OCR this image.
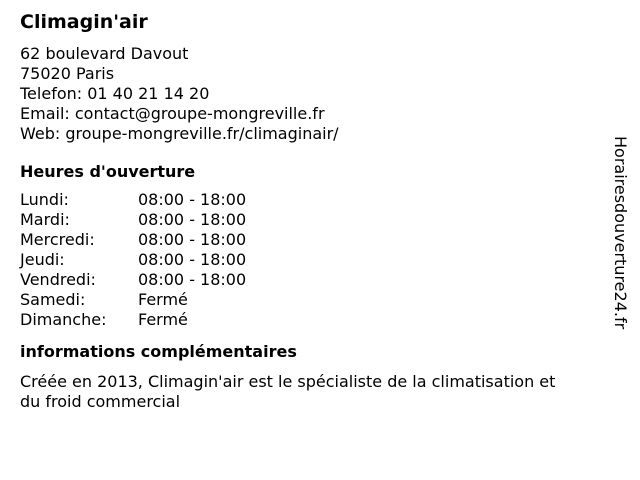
Climagin'air
62 boulevard Davout
75020 Paris
Telefon: 01 40 21 14 20
Email: contact@groupe-mongreville.fr
Web: groupe-mongreville.fr/climaginair/
Heures d'ouverture
Lundi:	08:00 - 18:00
Mardi:	08:00 - 18:00
Mercredi:	08:00 - 18:00
Jeudi:	08:00 - 18:00
Vendredi:	08:00 - 18:00
Samedi:	Fermé
Dimanche:	Fermé
informations complémentaires
Créée en 2013, Climagin'air est le spécialiste de la climatisation et du froid commercial
Horairesdouverture24.fr
